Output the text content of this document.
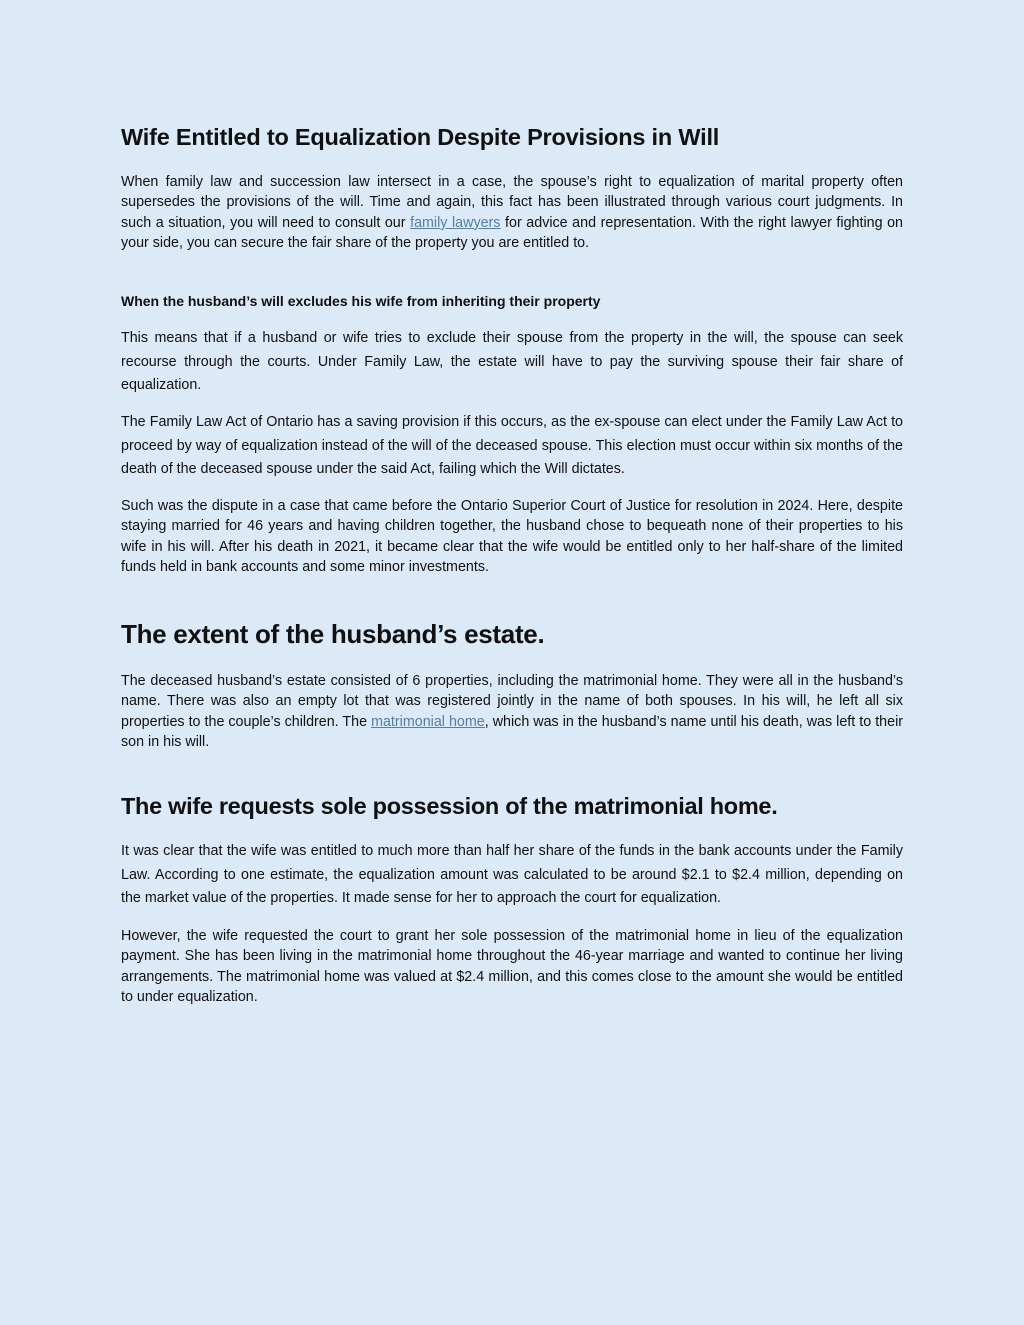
Wife Entitled to Equalization Despite Provisions in Will

When family law and succession law intersect in a case, the spouse’s right to equalization of marital property often supersedes the provisions of the will. Time and again, this fact has been illustrated through various court judgments. In such a situation, you will need to consult our family lawyers for advice and representation. With the right lawyer fighting on your side, you can secure the fair share of the property you are entitled to.

When the husband’s will excludes his wife from inheriting their property

This means that if a husband or wife tries to exclude their spouse from the property in the will, the spouse can seek recourse through the courts. Under Family Law, the estate will have to pay the surviving spouse their fair share of equalization.

The Family Law Act of Ontario has a saving provision if this occurs, as the ex-spouse can elect under the Family Law Act to proceed by way of equalization instead of the will of the deceased spouse. This election must occur within six months of the death of the deceased spouse under the said Act, failing which the Will dictates.

Such was the dispute in a case that came before the Ontario Superior Court of Justice for resolution in 2024. Here, despite staying married for 46 years and having children together, the husband chose to bequeath none of their properties to his wife in his will. After his death in 2021, it became clear that the wife would be entitled only to her half-share of the limited funds held in bank accounts and some minor investments.

The extent of the husband’s estate.

The deceased husband’s estate consisted of 6 properties, including the matrimonial home. They were all in the husband’s name. There was also an empty lot that was registered jointly in the name of both spouses. In his will, he left all six properties to the couple’s children. The matrimonial home, which was in the husband’s name until his death, was left to their son in his will.

The wife requests sole possession of the matrimonial home.

It was clear that the wife was entitled to much more than half her share of the funds in the bank accounts under the Family Law. According to one estimate, the equalization amount was calculated to be around $2.1 to $2.4 million, depending on the market value of the properties. It made sense for her to approach the court for equalization.

However, the wife requested the court to grant her sole possession of the matrimonial home in lieu of the equalization payment. She has been living in the matrimonial home throughout the 46-year marriage and wanted to continue her living arrangements. The matrimonial home was valued at $2.4 million, and this comes close to the amount she would be entitled to under equalization.
